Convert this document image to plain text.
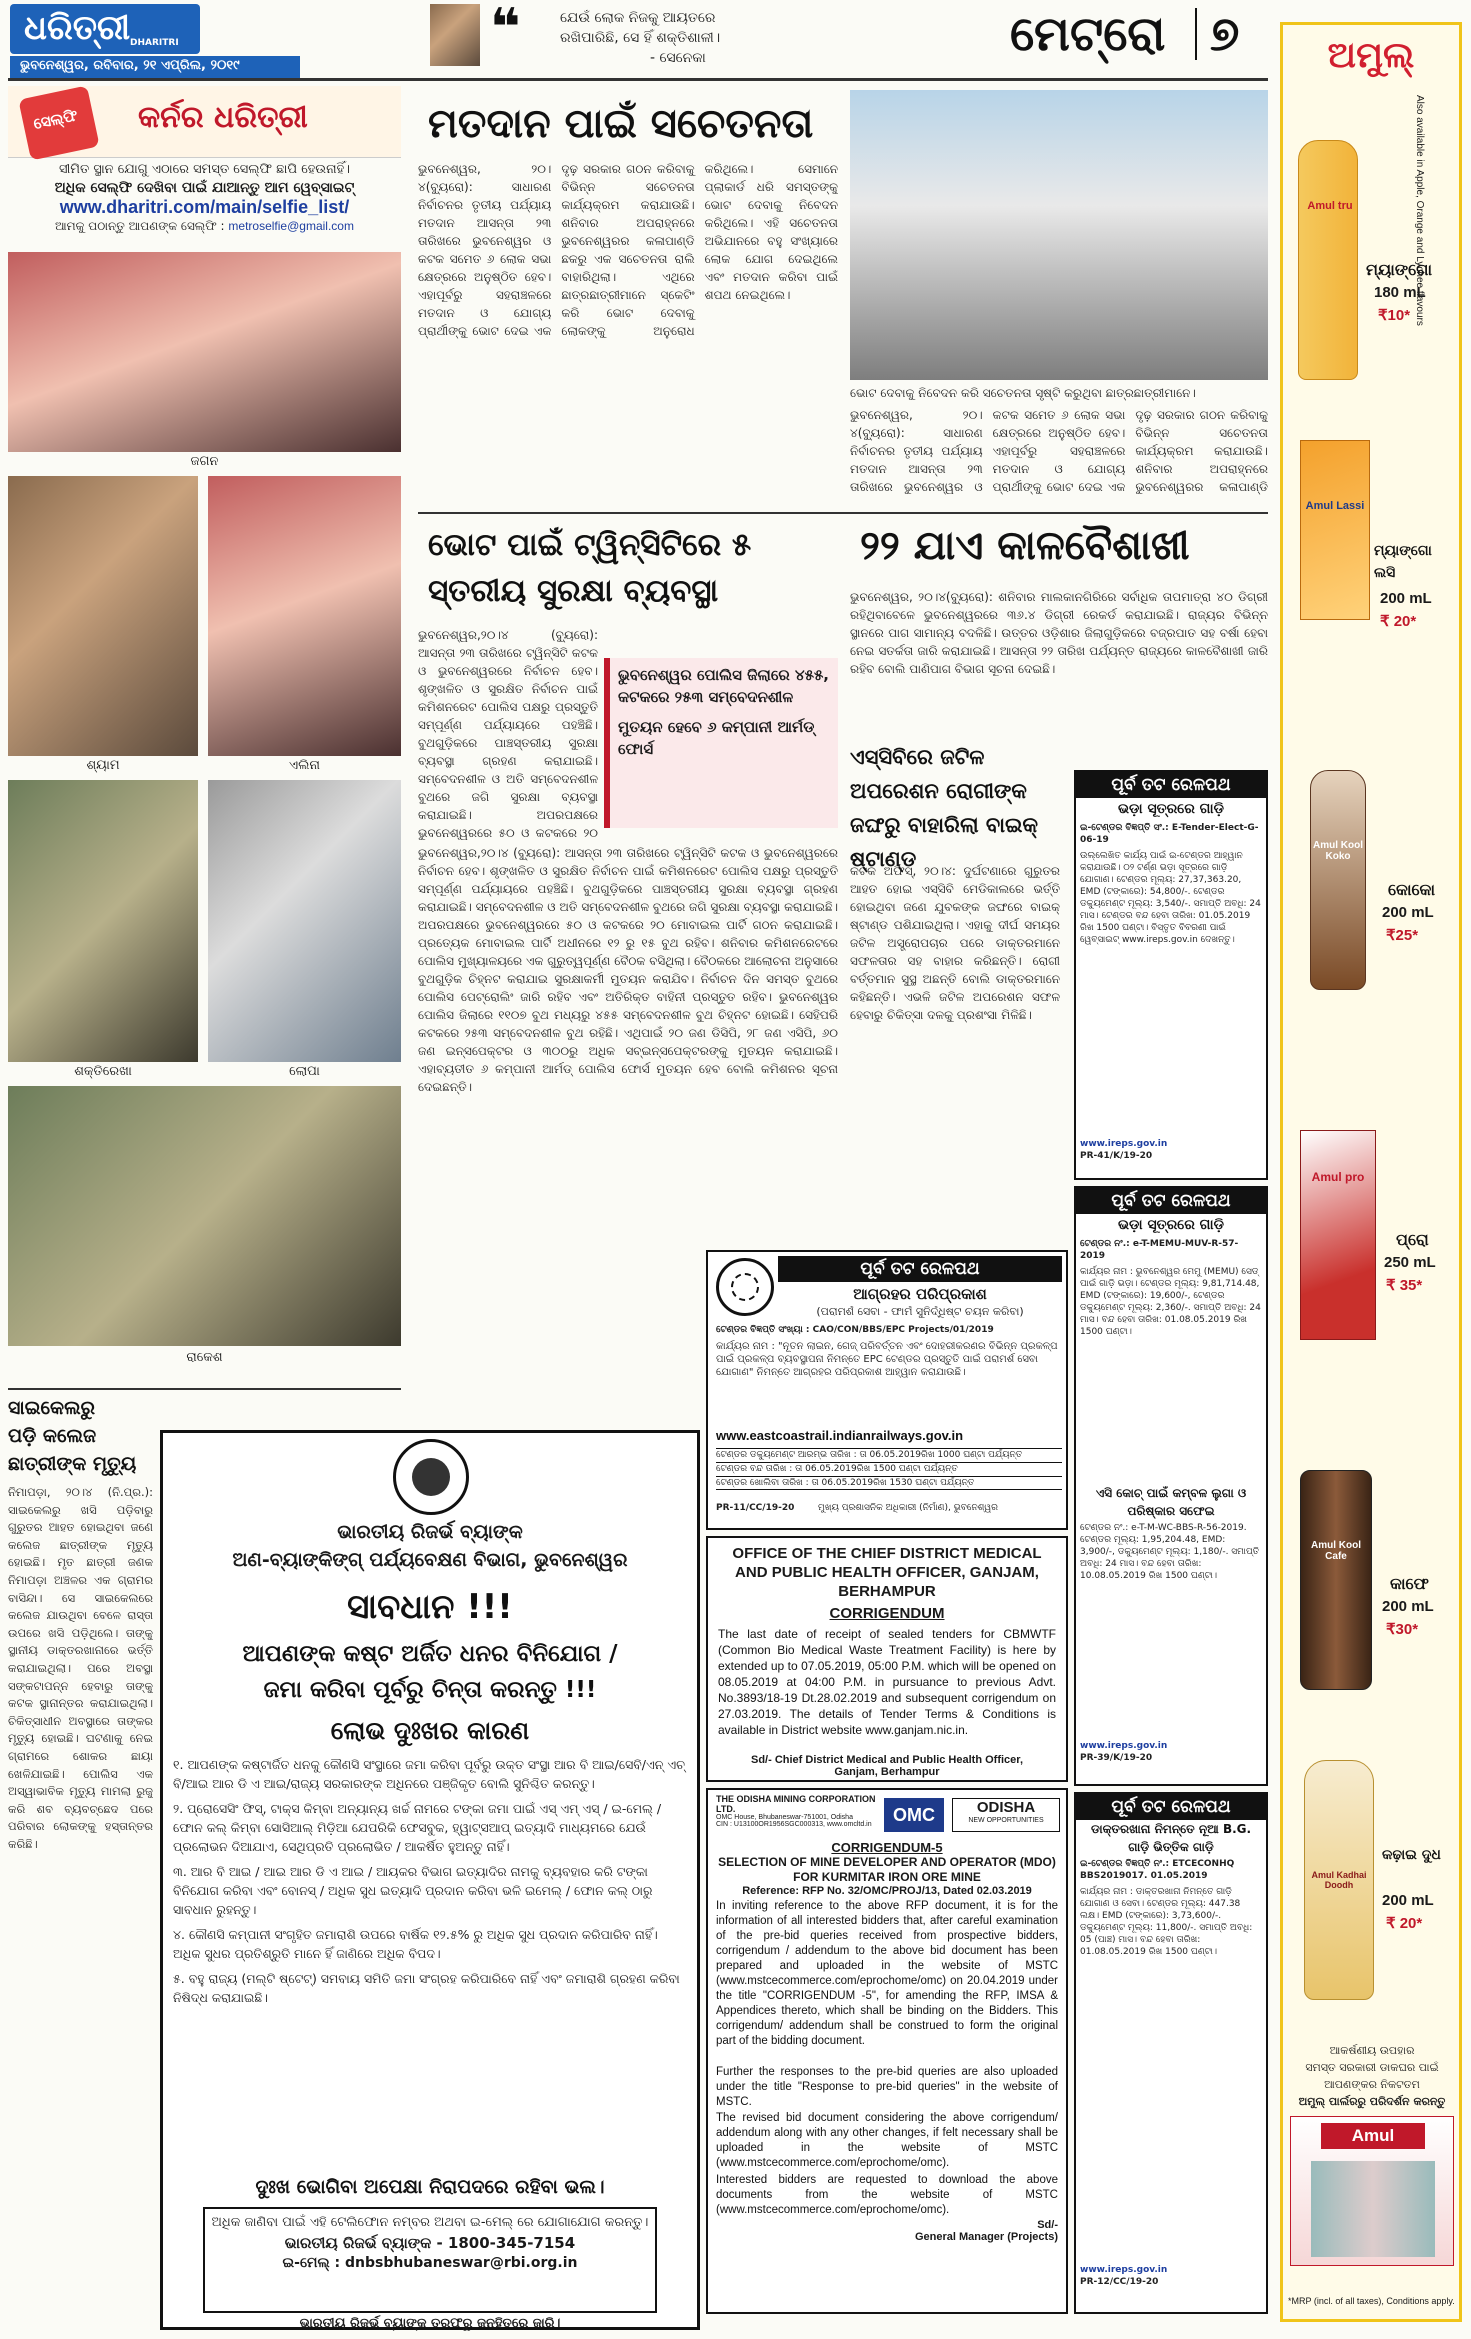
ଧରିତ୍ରୀ DHARITRI
ଭୁବନେଶ୍ୱର, ରବିବାର, ୨୧ ଏପ୍ରିଲ, ୨୦୧୯
❝	ଯେଉଁ ଲୋକ ନିଜକୁ ଆୟତରେ
ରଖିପାରିଛି, ସେ ହିଁ ଶକ୍ତିଶାଳୀ।
- ସେନେକା	ମେଟ୍ରୋ ୭
ସେଲ୍ଫି କର୍ନର ଧରିତ୍ରୀ
ସୀମିତ ସ୍ଥାନ ଯୋଗୁ ଏଠାରେ ସମସ୍ତ ସେଲ୍ଫି ଛାପି ହେଉନାହିଁ।
ଅଧିକ ସେଲ୍ଫି ଦେଖିବା ପାଇଁ ଯାଆନ୍ତୁ ଆମ ୱେବ୍‌ସାଇଟ୍
www.dharitri.com/main/selfie_list/
ଆମକୁ ପଠାନ୍ତୁ ଆପଣଙ୍କ ସେଲ୍ଫି : metroselfie@gmail.com
ଜଗନ
ଶ୍ୟାମ	ଏଲିନା
ଶକ୍ତିରେଖା	ଲୋପା
ରାକେଶ
ମତଦାନ ପାଇଁ ସଚେତନତା
ଭୁବନେଶ୍ୱର, ୨୦।୪(ବ୍ୟୁରୋ): ସାଧାରଣ ନିର୍ବାଚନର ତୃତୀୟ ପର୍ଯ୍ୟାୟ ମତଦାନ ଆସନ୍ତା ୨୩ ତାରିଖରେ ଭୁବନେଶ୍ୱର ଓ କଟକ ସମେତ ୬ ଲୋକ ସଭା କ୍ଷେତ୍ରରେ ଅନୁଷ୍ଠିତ ହେବ। ଏହାପୂର୍ବରୁ ସହରାଞ୍ଚଳରେ ମତଦାନ ଓ ଯୋଗ୍ୟ ପ୍ରାର୍ଥୀଙ୍କୁ ଭୋଟ ଦେଇ ଏକ ଦୃଢ଼ ସରକାର ଗଠନ କରିବାକୁ ବିଭିନ୍ନ ସଚେତନତା କାର୍ଯ୍ୟକ୍ରମ କରାଯାଉଛି। ଶନିବାର ଅପରାହ୍ନରେ ଭୁବନେଶ୍ୱରର କଳାପାଣ୍ଡି ଛକରୁ ଏକ ସଚେତନତା ରାଲି ବାହାରିଥିଲା। ଏଥିରେ ଛାତ୍ରଛାତ୍ରୀମାନେ ସ୍କେଟିଂ କରି ଭୋଟ ଦେବାକୁ ଲୋକଙ୍କୁ ଅନୁରୋଧ କରିଥିଲେ। ସେମାନେ ପ୍ଲାକାର୍ଡ ଧରି ସମସ୍ତଙ୍କୁ ଭୋଟ ଦେବାକୁ ନିବେଦନ କରିଥିଲେ। ଏହି ସଚେତନତା ଅଭିଯାନରେ ବହୁ ସଂଖ୍ୟାରେ ଲୋକ ଯୋଗ ଦେଇଥିଲେ ଏବଂ ମତଦାନ କରିବା ପାଇଁ ଶପଥ ନେଇଥିଲେ।
ଭୋଟ ଦେବାକୁ ନିବେଦନ କରି ସଚେତନତା ସୃଷ୍ଟି କରୁଥିବା ଛାତ୍ରଛାତ୍ରୀମାନେ।
ଭୁବନେଶ୍ୱର, ୨୦।୪(ବ୍ୟୁରୋ): ସାଧାରଣ ନିର୍ବାଚନର ତୃତୀୟ ପର୍ଯ୍ୟାୟ ମତଦାନ ଆସନ୍ତା ୨୩ ତାରିଖରେ ଭୁବନେଶ୍ୱର ଓ କଟକ ସମେତ ୬ ଲୋକ ସଭା କ୍ଷେତ୍ରରେ ଅନୁଷ୍ଠିତ ହେବ। ଏହାପୂର୍ବରୁ ସହରାଞ୍ଚଳରେ ମତଦାନ ଓ ଯୋଗ୍ୟ ପ୍ରାର୍ଥୀଙ୍କୁ ଭୋଟ ଦେଇ ଏକ ଦୃଢ଼ ସରକାର ଗଠନ କରିବାକୁ ବିଭିନ୍ନ ସଚେତନତା କାର୍ଯ୍ୟକ୍ରମ କରାଯାଉଛି। ଶନିବାର ଅପରାହ୍ନରେ ଭୁବନେଶ୍ୱରର କଳାପାଣ୍ଡି
ଭୋଟ ପାଇଁ ଟ୍ୱିନ୍‌ସିଟିରେ ୫
ସ୍ତରୀୟ ସୁରକ୍ଷା ବ୍ୟବସ୍ଥା
ଭୁବନେଶ୍ୱର ପୋଲିସ ଜିଲାରେ ୪୫୫, କଟକରେ ୨୫୩ ସମ୍ବେଦନଶୀଳ
ମୁତୟନ ହେବେ ୬ କମ୍ପାନୀ ଆର୍ମଡ୍ ଫୋର୍ସ
ଭୁବନେଶ୍ୱର,୨୦।୪ (ବ୍ୟୁରୋ): ଆସନ୍ତା ୨୩ ତାରିଖରେ ଟ୍ୱିନ୍‌ସିଟି କଟକ ଓ ଭୁବନେଶ୍ୱରରେ ନିର୍ବାଚନ ହେବ। ଶୃଙ୍ଖଳିତ ଓ ସୁରକ୍ଷିତ ନିର୍ବାଚନ ପାଇଁ କମିଶନରେଟ ପୋଲିସ ପକ୍ଷରୁ ପ୍ରସ୍ତୁତି ସମ୍ପୂର୍ଣ୍ଣ ପର୍ଯ୍ୟାୟରେ ପହଞ୍ଚିଛି। ବୁଥଗୁଡ଼ିକରେ ପାଞ୍ଚସ୍ତରୀୟ ସୁରକ୍ଷା ବ୍ୟବସ୍ଥା ଗ୍ରହଣ କରାଯାଇଛି। ସମ୍ବେଦନଶୀଳ ଓ ଅତି ସମ୍ବେଦନଶୀଳ ବୁଥରେ ଜଗି ସୁରକ୍ଷା ବ୍ୟବସ୍ଥା କରାଯାଇଛି। ଅପରପକ୍ଷରେ ଭୁବନେଶ୍ୱରରେ ୫୦ ଓ କଟକରେ ୨୦
ଭୁବନେଶ୍ୱର,୨୦।୪ (ବ୍ୟୁରୋ): ଆସନ୍ତା ୨୩ ତାରିଖରେ ଟ୍ୱିନ୍‌ସିଟି କଟକ ଓ ଭୁବନେଶ୍ୱରରେ ନିର୍ବାଚନ ହେବ। ଶୃଙ୍ଖଳିତ ଓ ସୁରକ୍ଷିତ ନିର୍ବାଚନ ପାଇଁ କମିଶନରେଟ ପୋଲିସ ପକ୍ଷରୁ ପ୍ରସ୍ତୁତି ସମ୍ପୂର୍ଣ୍ଣ ପର୍ଯ୍ୟାୟରେ ପହଞ୍ଚିଛି। ବୁଥଗୁଡ଼ିକରେ ପାଞ୍ଚସ୍ତରୀୟ ସୁରକ୍ଷା ବ୍ୟବସ୍ଥା ଗ୍ରହଣ କରାଯାଇଛି। ସମ୍ବେଦନଶୀଳ ଓ ଅତି ସମ୍ବେଦନଶୀଳ ବୁଥରେ ଜଗି ସୁରକ୍ଷା ବ୍ୟବସ୍ଥା କରାଯାଇଛି। ଅପରପକ୍ଷରେ ଭୁବନେଶ୍ୱରରେ ୫୦ ଓ କଟକରେ ୨୦ ମୋବାଇଲ ପାର୍ଟି ଗଠନ କରାଯାଇଛି। ପ୍ରତ୍ୟେକ ମୋବାଇଲ ପାର୍ଟି ଅଧୀନରେ ୧୨ ରୁ ୧୫ ବୁଥ ରହିବ। ଶନିବାର କମିଶନରେଟରେ ପୋଲିସ ମୁଖ୍ୟାଳୟରେ ଏକ ଗୁରୁତ୍ୱପୂର୍ଣ୍ଣ ବୈଠକ ବସିଥିଲା। ବୈଠକରେ ଆଲୋଚନା ଅନୁସାରେ ବୁଥଗୁଡ଼ିକ ଚିହ୍ନଟ କରାଯାଇ ସୁରକ୍ଷାକର୍ମୀ ମୁତୟନ କରାଯିବ। ନିର୍ବାଚନ ଦିନ ସମସ୍ତ ବୁଥରେ ପୋଲିସ ପେଟ୍ରୋଲିଂ ଜାରି ରହିବ ଏବଂ ଅତିରିକ୍ତ ବାହିନୀ ପ୍ରସ୍ତୁତ ରହିବ। ଭୁବନେଶ୍ୱର ପୋଲିସ ଜିଲାରେ ୧୧୦୭ ବୁଥ ମଧ୍ୟରୁ ୪୫୫ ସମ୍ବେଦନଶୀଳ ବୁଥ ଚିହ୍ନଟ ହୋଇଛି। ସେହିପରି କଟକରେ ୨୫୩ ସମ୍ବେଦନଶୀଳ ବୁଥ ରହିଛି। ଏଥିପାଇଁ ୨୦ ଜଣ ଡିସିପି, ୨୮ ଜଣ ଏସିପି, ୬୦ ଜଣ ଇନ୍‌ସପେକ୍ଟର ଓ ୩୦୦ରୁ ଅଧିକ ସବ୍‌ଇନ୍‌ସପେକ୍ଟରଙ୍କୁ ମୁତୟନ କରାଯାଇଛି। ଏହାବ୍ୟତୀତ ୬ କମ୍ପାନୀ ଆର୍ମଡ୍ ପୋଲିସ ଫୋର୍ସ ମୁତୟନ ହେବ ବୋଲି କମିଶନର ସୂଚନା ଦେଇଛନ୍ତି।
୨୨ ଯାଏ କାଳବୈଶାଖୀ
ଭୁବନେଶ୍ୱର, ୨୦।୪(ବ୍ୟୁରୋ): ଶନିବାର ମାଲକାନଗିରିରେ ସର୍ବାଧିକ ତାପମାତ୍ରା ୪୦ ଡିଗ୍ରୀ ରହିଥିବାବେଳେ ଭୁବନେଶ୍ୱରରେ ୩୬.୪ ଡିଗ୍ରୀ ରେକର୍ଡ କରାଯାଇଛି। ରାଜ୍ୟର ବିଭିନ୍ନ ସ୍ଥାନରେ ପାଗ ସାମାନ୍ୟ ବଦଳିଛି। ଉତ୍ତର ଓଡ଼ିଶାର ଜିଲାଗୁଡ଼ିକରେ ବଜ୍ରପାତ ସହ ବର୍ଷା ହେବା ନେଇ ସତର୍କତା ଜାରି କରାଯାଇଛି। ଆସନ୍ତା ୨୨ ତାରିଖ ପର୍ଯ୍ୟନ୍ତ ରାଜ୍ୟରେ କାଳବୈଶାଖୀ ଜାରି ରହିବ ବୋଲି ପାଣିପାଗ ବିଭାଗ ସୂଚନା ଦେଇଛି।
ଏସ୍‌ସିବିରେ ଜଟିଳ ଅପରେଶନ ରୋଗୀଙ୍କ ଜଙ୍ଘରୁ ବାହାରିଲା ବାଇକ୍ ଷ୍ଟାଣ୍ଡ
କଟକ ଅଫିସ୍, ୨୦।୪: ଦୁର୍ଘଟଣାରେ ଗୁରୁତର ଆହତ ହୋଇ ଏସ୍‌ସିବି ମେଡିକାଲରେ ଭର୍ତ୍ତି ହୋଇଥିବା ଜଣେ ଯୁବକଙ୍କ ଜଙ୍ଘରେ ବାଇକ୍ ଷ୍ଟାଣ୍ଡ ପଶିଯାଇଥିଲା। ଏହାକୁ ଦୀର୍ଘ ସମୟର ଜଟିଳ ଅସ୍ତ୍ରୋପଚାର ପରେ ଡାକ୍ତରମାନେ ସଫଳତାର ସହ ବାହାର କରିଛନ୍ତି। ରୋଗୀ ବର୍ତ୍ତମାନ ସୁସ୍ଥ ଅଛନ୍ତି ବୋଲି ଡାକ୍ତରମାନେ କହିଛନ୍ତି। ଏଭଳି ଜଟିଳ ଅପରେଶନ ସଫଳ ହେବାରୁ ଚିକିତ୍ସା ଦଳକୁ ପ୍ରଶଂସା ମିଳିଛି।
ପୂର୍ବ ତଟ ରେଳପଥ
ଭଡ଼ା ସୂତ୍ରରେ ଗାଡ଼ି
ଇ-ଟେଣ୍ଡର ବିଜ୍ଞପ୍ତି ସଂ.: E-Tender-Elect-G-06-19
ଉଲ୍ଲେଖିତ କାର୍ଯ୍ୟ ପାଇଁ ଇ-ଟେଣ୍ଡର ଆହ୍ୱାନ କରାଯାଉଛି। ୦୨ ଟର୍ଣ୍ଣ ଭଡ଼ା ସୂତ୍ରରେ ଗାଡ଼ି ଯୋଗାଣ। ଟେଣ୍ଡର ମୂଲ୍ୟ: 27,37,363.20, EMD (ଟଙ୍କାରେ): 54,800/-. ଟେଣ୍ଡର ଡକ୍ୟୁମେଣ୍ଟ ମୂଲ୍ୟ: 3,540/-. ସମାପ୍ତି ଅବଧି: 24 ମାସ। ଟେଣ୍ଡର ବନ୍ଦ ହେବା ତାରିଖ: 01.05.2019 ରିଖ 1500 ଘଣ୍ଟା। ବିସ୍ତୃତ ବିବରଣୀ ପାଇଁ ୱେବ୍‌ସାଇଟ୍ www.ireps.gov.in ଦେଖନ୍ତୁ।
www.ireps.gov.in
PR-41/K/19-20
ପୂର୍ବ ତଟ ରେଳପଥ
ଭଡ଼ା ସୂତ୍ରରେ ଗାଡ଼ି
ଟେଣ୍ଡର ନଂ.: e-T-MEMU-MUV-R-57-2019
କାର୍ଯ୍ୟର ନାମ : ଭୁବନେଶ୍ୱର ମେମୁ (MEMU) ସେଡ୍ ପାଇଁ ଗାଡ଼ି ଭଡ଼ା। ଟେଣ୍ଡର ମୂଲ୍ୟ: 9,81,714.48, EMD (ଟଙ୍କାରେ): 19,600/-, ଟେଣ୍ଡର ଡକ୍ୟୁମେଣ୍ଟ ମୂଲ୍ୟ: 2,360/-. ସମାପ୍ତି ଅବଧି: 24 ମାସ। ବନ୍ଦ ହେବା ତାରିଖ: 01.08.05.2019 ରିଖ 1500 ଘଣ୍ଟା।
ଏସି କୋଚ୍ ପାଇଁ କମ୍ବଳ ଲୁଗା ଓ ପରିଷ୍କାର ସଫେଇ
ଟେଣ୍ଡର ନଂ.: e-T-M-WC-BBS-R-56-2019. ଟେଣ୍ଡର ମୂଲ୍ୟ: 1,95,204.48, EMD: 3,900/-, ଡକ୍ୟୁମେଣ୍ଟ ମୂଲ୍ୟ: 1,180/-. ସମାପ୍ତି ଅବଧି: 24 ମାସ। ବନ୍ଦ ହେବା ତାରିଖ: 10.08.05.2019 ରିଖ 1500 ଘଣ୍ଟା।
www.ireps.gov.in
PR-39/K/19-20
ପୂର୍ବ ତଟ ରେଳପଥ
ଡାକ୍ତରଖାନା ନିମନ୍ତେ ନୂଆ B.G. ଗାଡ଼ି ଭିତ୍ତିକ ଗାଡ଼ି
ଇ-ଟେଣ୍ଡର ବିଜ୍ଞପ୍ତି ନଂ.: ETCECONHQ BBS2019017. 01.05.2019
କାର୍ଯ୍ୟର ନାମ : ଡାକ୍ତରଖାନା ନିମନ୍ତେ ଗାଡ଼ି ଯୋଗାଣ ଓ ସେବା। ଟେଣ୍ଡର ମୂଲ୍ୟ: 447.38 ଲକ୍ଷ। EMD (ଟଙ୍କାରେ): 3,73,600/-. ଡକ୍ୟୁମେଣ୍ଟ ମୂଲ୍ୟ: 11,800/-. ସମାପ୍ତି ଅବଧି: 05 (ପାଞ୍ଚ) ମାସ। ବନ୍ଦ ହେବା ତାରିଖ: 01.08.05.2019 ରିଖ 1500 ଘଣ୍ଟା।
www.ireps.gov.in
PR-12/CC/19-20
ପୂର୍ବ ତଟ ରେଳପଥ
ଆଗ୍ରହର ପରିପ୍ରକାଶ
(ପରାମର୍ଶ ସେବା - ଫାର୍ମ ସୁନିର୍ଦ୍ଧିଷ୍ଟ ଚୟନ କରିବା)
ଟେଣ୍ଡର ବିଜ୍ଞପ୍ତି ସଂଖ୍ୟା : CAO/CON/BBS/EPC Projects/01/2019
କାର୍ଯ୍ୟର ନାମ : "ନୂତନ ଲାଇନ, ଗେଜ୍ ପରିବର୍ତ୍ତନ ଏବଂ ଦୋହରୀକରଣର ବିଭିନ୍ନ ପ୍ରକଳ୍ପ ପାଇଁ ପ୍ରକଳ୍ପ ବ୍ୟବସ୍ଥାପନା ନିମନ୍ତେ EPC ଟେଣ୍ଡର ପ୍ରସ୍ତୁତି ପାଇଁ ପରାମର୍ଶ ସେବା ଯୋଗାଣ" ନିମନ୍ତେ ଆଗ୍ରହର ପରିପ୍ରକାଶ ଆହ୍ୱାନ କରାଯାଉଛି।
www.eastcoastrail.indianrailways.gov.in
ଟେଣ୍ଡର ଡକ୍ୟୁମେଣ୍ଟ ଆରମ୍ଭ ତାରିଖ : ତା 06.05.2019ରିଖ 1000 ଘଣ୍ଟା ପର୍ଯ୍ୟନ୍ତ
ଟେଣ୍ଡର ବନ୍ଦ ତାରିଖ : ତା 06.05.2019ରିଖ 1500 ଘଣ୍ଟା ପର୍ଯ୍ୟନ୍ତ
ଟେଣ୍ଡର ଖୋଲିବା ତାରିଖ : ତା 06.05.2019ରିଖ 1530 ଘଣ୍ଟା ପର୍ଯ୍ୟନ୍ତ
PR-11/CC/19-20	ମୁଖ୍ୟ ପ୍ରଶାସନିକ ଅଧିକାରୀ (ନିର୍ମାଣ), ଭୁବନେଶ୍ୱର
OFFICE OF THE CHIEF DISTRICT MEDICAL AND PUBLIC HEALTH OFFICER, GANJAM, BERHAMPUR
CORRIGENDUM
The last date of receipt of sealed tenders for CBMWTF (Common Bio Medical Waste Treatment Facility) is here by extended up to 07.05.2019, 05:00 P.M. which will be opened on 08.05.2019 at 04:00 P.M. in pursuance to previous Advt. No.3893/18-19 Dt.28.02.2019 and subsequent corrigendum on 27.03.2019. The details of Tender Terms & Conditions is available in District website www.ganjam.nic.in.
Sd/- Chief District Medical and Public Health Officer,
Ganjam, Berhampur
THE ODISHA MINING CORPORATION LTD.
OMC House, Bhubaneswar-751001, Odisha
CIN : U13100OR1956SGC000313, www.omcltd.in	OMC	ODISHA
NEW OPPORTUNITIES
CORRIGENDUM-5
SELECTION OF MINE DEVELOPER AND OPERATOR (MDO) FOR KURMITAR IRON ORE MINE
Reference: RFP No. 32/OMC/PROJ/13, Dated 02.03.2019
In inviting reference to the above RFP document, it is for the information of all interested bidders that, after careful examination of the pre-bid queries received from prospective bidders, corrigendum / addendum to the above bid document has been prepared and uploaded in the website of MSTC (www.mstcecommerce.com/eprochome/omc) on 20.04.2019 under the title "CORRIGENDUM -5", for amending the RFP, IMSA & Appendices thereto, which shall be binding on the Bidders. This corrigendum/ addendum shall be construed to form the original part of the bidding document.
Further the responses to the pre-bid queries are also uploaded under the title "Response to pre-bid queries" in the website of MSTC.
The revised bid document considering the above corrigendum/ addendum along with any other changes, if felt necessary shall be uploaded in the website of MSTC (www.mstcecommerce.com/eprochome/omc).
Interested bidders are requested to download the above documents from the website of MSTC (www.mstcecommerce.com/eprochome/omc).
Sd/-
General Manager (Projects)
ସାଇକେଲରୁ
ପଡ଼ି କଲେଜ
ଛାତ୍ରୀଙ୍କ ମୃତ୍ୟୁ
ନିମାପଡ଼ା, ୨୦।୪ (ନି.ପ୍ର.): ସାଇକେଲରୁ ଖସି ପଡ଼ିବାରୁ ଗୁରୁତର ଆହତ ହୋଇଥିବା ଜଣେ କଲେଜ ଛାତ୍ରୀଙ୍କ ମୃତ୍ୟୁ ହୋଇଛି। ମୃତ ଛାତ୍ରୀ ଜଣକ ନିମାପଡ଼ା ଅଞ୍ଚଳର ଏକ ଗ୍ରାମର ବାସିନ୍ଦା। ସେ ସାଇକେଲରେ କଲେଜ ଯାଉଥିବା ବେଳେ ରାସ୍ତା ଉପରେ ଖସି ପଡ଼ିଥିଲେ। ତାଙ୍କୁ ସ୍ଥାନୀୟ ଡାକ୍ତରଖାନାରେ ଭର୍ତ୍ତି କରାଯାଇଥିଲା। ପରେ ଅବସ୍ଥା ସଙ୍କଟାପନ୍ନ ହେବାରୁ ତାଙ୍କୁ କଟକ ସ୍ଥାନାନ୍ତର କରାଯାଇଥିଲା। ଚିକିତ୍ସାଧୀନ ଅବସ୍ଥାରେ ତାଙ୍କର ମୃତ୍ୟୁ ହୋଇଛି। ଘଟଣାକୁ ନେଇ ଗ୍ରାମରେ ଶୋକର ଛାୟା ଖେଳିଯାଇଛି। ପୋଲିସ ଏକ ଅସ୍ୱାଭାବିକ ମୃତ୍ୟୁ ମାମଲା ରୁଜୁ କରି ଶବ ବ୍ୟବଚ୍ଛେଦ ପରେ ପରିବାର ଲୋକଙ୍କୁ ହସ୍ତାନ୍ତର କରିଛି।
ଭାରତୀୟ ରିଜର୍ଭ ବ୍ୟାଙ୍କ
ଅଣ-ବ୍ୟାଙ୍କିଙ୍ଗ୍ ପର୍ଯ୍ୟବେକ୍ଷଣ ବିଭାଗ, ଭୁବନେଶ୍ୱର
ସାବଧାନ !!!
ଆପଣଙ୍କ କଷ୍ଟ ଅର୍ଜିତ ଧନର ବିନିଯୋଗ /
ଜମା କରିବା ପୂର୍ବରୁ ଚିନ୍ତା କରନ୍ତୁ !!!
ଲୋଭ ଦୁଃଖର କାରଣ
୧. ଆପଣଙ୍କ କଷ୍ଟାର୍ଜିତ ଧନକୁ କୌଣସି ସଂସ୍ଥାରେ ଜମା କରିବା ପୂର୍ବରୁ ଉକ୍ତ ସଂସ୍ଥା ଆର ବି ଆଇ/ସେବି/ଏନ୍ ଏଚ୍ ବି/ଆଇ ଆର ଡି ଏ ଆଇ/ରାଜ୍ୟ ସରକାରଙ୍କ ଅଧିନରେ ପଞ୍ଜିକୃତ ବୋଲି ସୁନିଶ୍ଚିତ କରନ୍ତୁ।
୨. ପ୍ରୋସେସିଂ ଫିସ୍, ଟାକ୍ସ କିମ୍ବା ଅନ୍ୟାନ୍ୟ ଖର୍ଚ୍ଚ ନାମରେ ଟଙ୍କା ଜମା ପାଇଁ ଏସ୍ ଏମ୍ ଏସ୍ / ଇ-ମେଲ୍ / ଫୋନ କଲ୍ କିମ୍ବା ସୋସିଆଲ୍ ମିଡ଼ିଆ ଯେପରିକି ଫେସବୁକ, ହ୍ୱାଟ୍‌ସଆପ୍ ଇତ୍ୟାଦି ମାଧ୍ୟମରେ ଯେଉଁ ପ୍ରଲୋଭନ ଦିଆଯାଏ, ସେଥିପ୍ରତି ପ୍ରଲୋଭିତ / ଆକର୍ଷିତ ହୁଅନ୍ତୁ ନାହିଁ।
୩. ଆର ବି ଆଇ / ଆଇ ଆର ଡି ଏ ଆଇ / ଆୟକର ବିଭାଗ ଇତ୍ୟାଦିର ନାମକୁ ବ୍ୟବହାର କରି ଟଙ୍କା ବିନିଯୋଗ କରିବା ଏବଂ ବୋନସ୍ / ଅଧିକ ସୁଧ ଇତ୍ୟାଦି ପ୍ରଦାନ କରିବା ଭଳି ଇମେଲ୍ / ଫୋନ କଲ୍ ଠାରୁ ସାବଧାନ ରୁହନ୍ତୁ।
୪. କୌଣସି କମ୍ପାନୀ ସଂଗୃହିତ ଜମାରାଶି ଉପରେ ବାର୍ଷିକ ୧୨.୫% ରୁ ଅଧିକ ସୁଧ ପ୍ରଦାନ କରିପାରିବ ନାହିଁ। ଅଧିକ ସୁଧର ପ୍ରତିଶ୍ରୁତି ମାନେ ହିଁ ଜାଣିରେ ଅଧିକ ବିପଦ।
୫. ବହୁ ରାଜ୍ୟ (ମଲ୍ଟି ଷ୍ଟେଟ୍) ସମବାୟ ସମିତି ଜମା ସଂଗ୍ରହ କରିପାରିବେ ନାହିଁ ଏବଂ ଜମାରାଶି ଗ୍ରହଣ କରିବା ନିଷିଦ୍ଧ କରାଯାଇଛି।
ଦୁଃଖ ଭୋଗିବା ଅପେକ୍ଷା ନିରାପଦରେ ରହିବା ଭଲ।
ଅଧିକ ଜାଣିବା ପାଇଁ ଏହି ଟେଲିଫୋନ ନମ୍ବର ଅଥବା ଇ-ମେଲ୍ ରେ ଯୋଗାଯୋଗ କରନ୍ତୁ।
ଭାରତୀୟ ରିଜର୍ଭ ବ୍ୟାଙ୍କ - 1800-345-7154
ଇ-ମେଲ୍ : dnbsbhubaneswar@rbi.org.in
ଭାରତୀୟ ରିଜର୍ଭ ବ୍ୟାଙ୍କ ତରଫରୁ ଜନହିତରେ ଜାରି।
ଅମୁଲ୍
Also available in Apple, Orange and Lychee flavours
Amul tru
ମ୍ୟାଙ୍ଗୋ
180 mL
₹10*
Amul Lassi
ମ୍ୟାଙ୍ଗୋ ଲସି
200 mL
₹ 20*
Amul Kool Koko
କୋକୋ
200 mL
₹25*
Amul pro
ପ୍ରୋ
250 mL
₹ 35*
Amul Kool Cafe
କାଫେ
200 mL
₹30*
Amul Kadhai Doodh
କଢ଼ାଇ ଦୁଧ
200 mL
₹ 20*
ଆକର୍ଷଣୀୟ ଉପହାର
ସମସ୍ତ ସରକାରୀ ଡାକଘର ପାଇଁ
ଆପଣଙ୍କର ନିକଟତମ
ଅମୁଲ୍ ପାର୍ଲରରୁ ପରିଦର୍ଶନ କରନ୍ତୁ
Amul
*MRP (incl. of all taxes), Conditions apply.
